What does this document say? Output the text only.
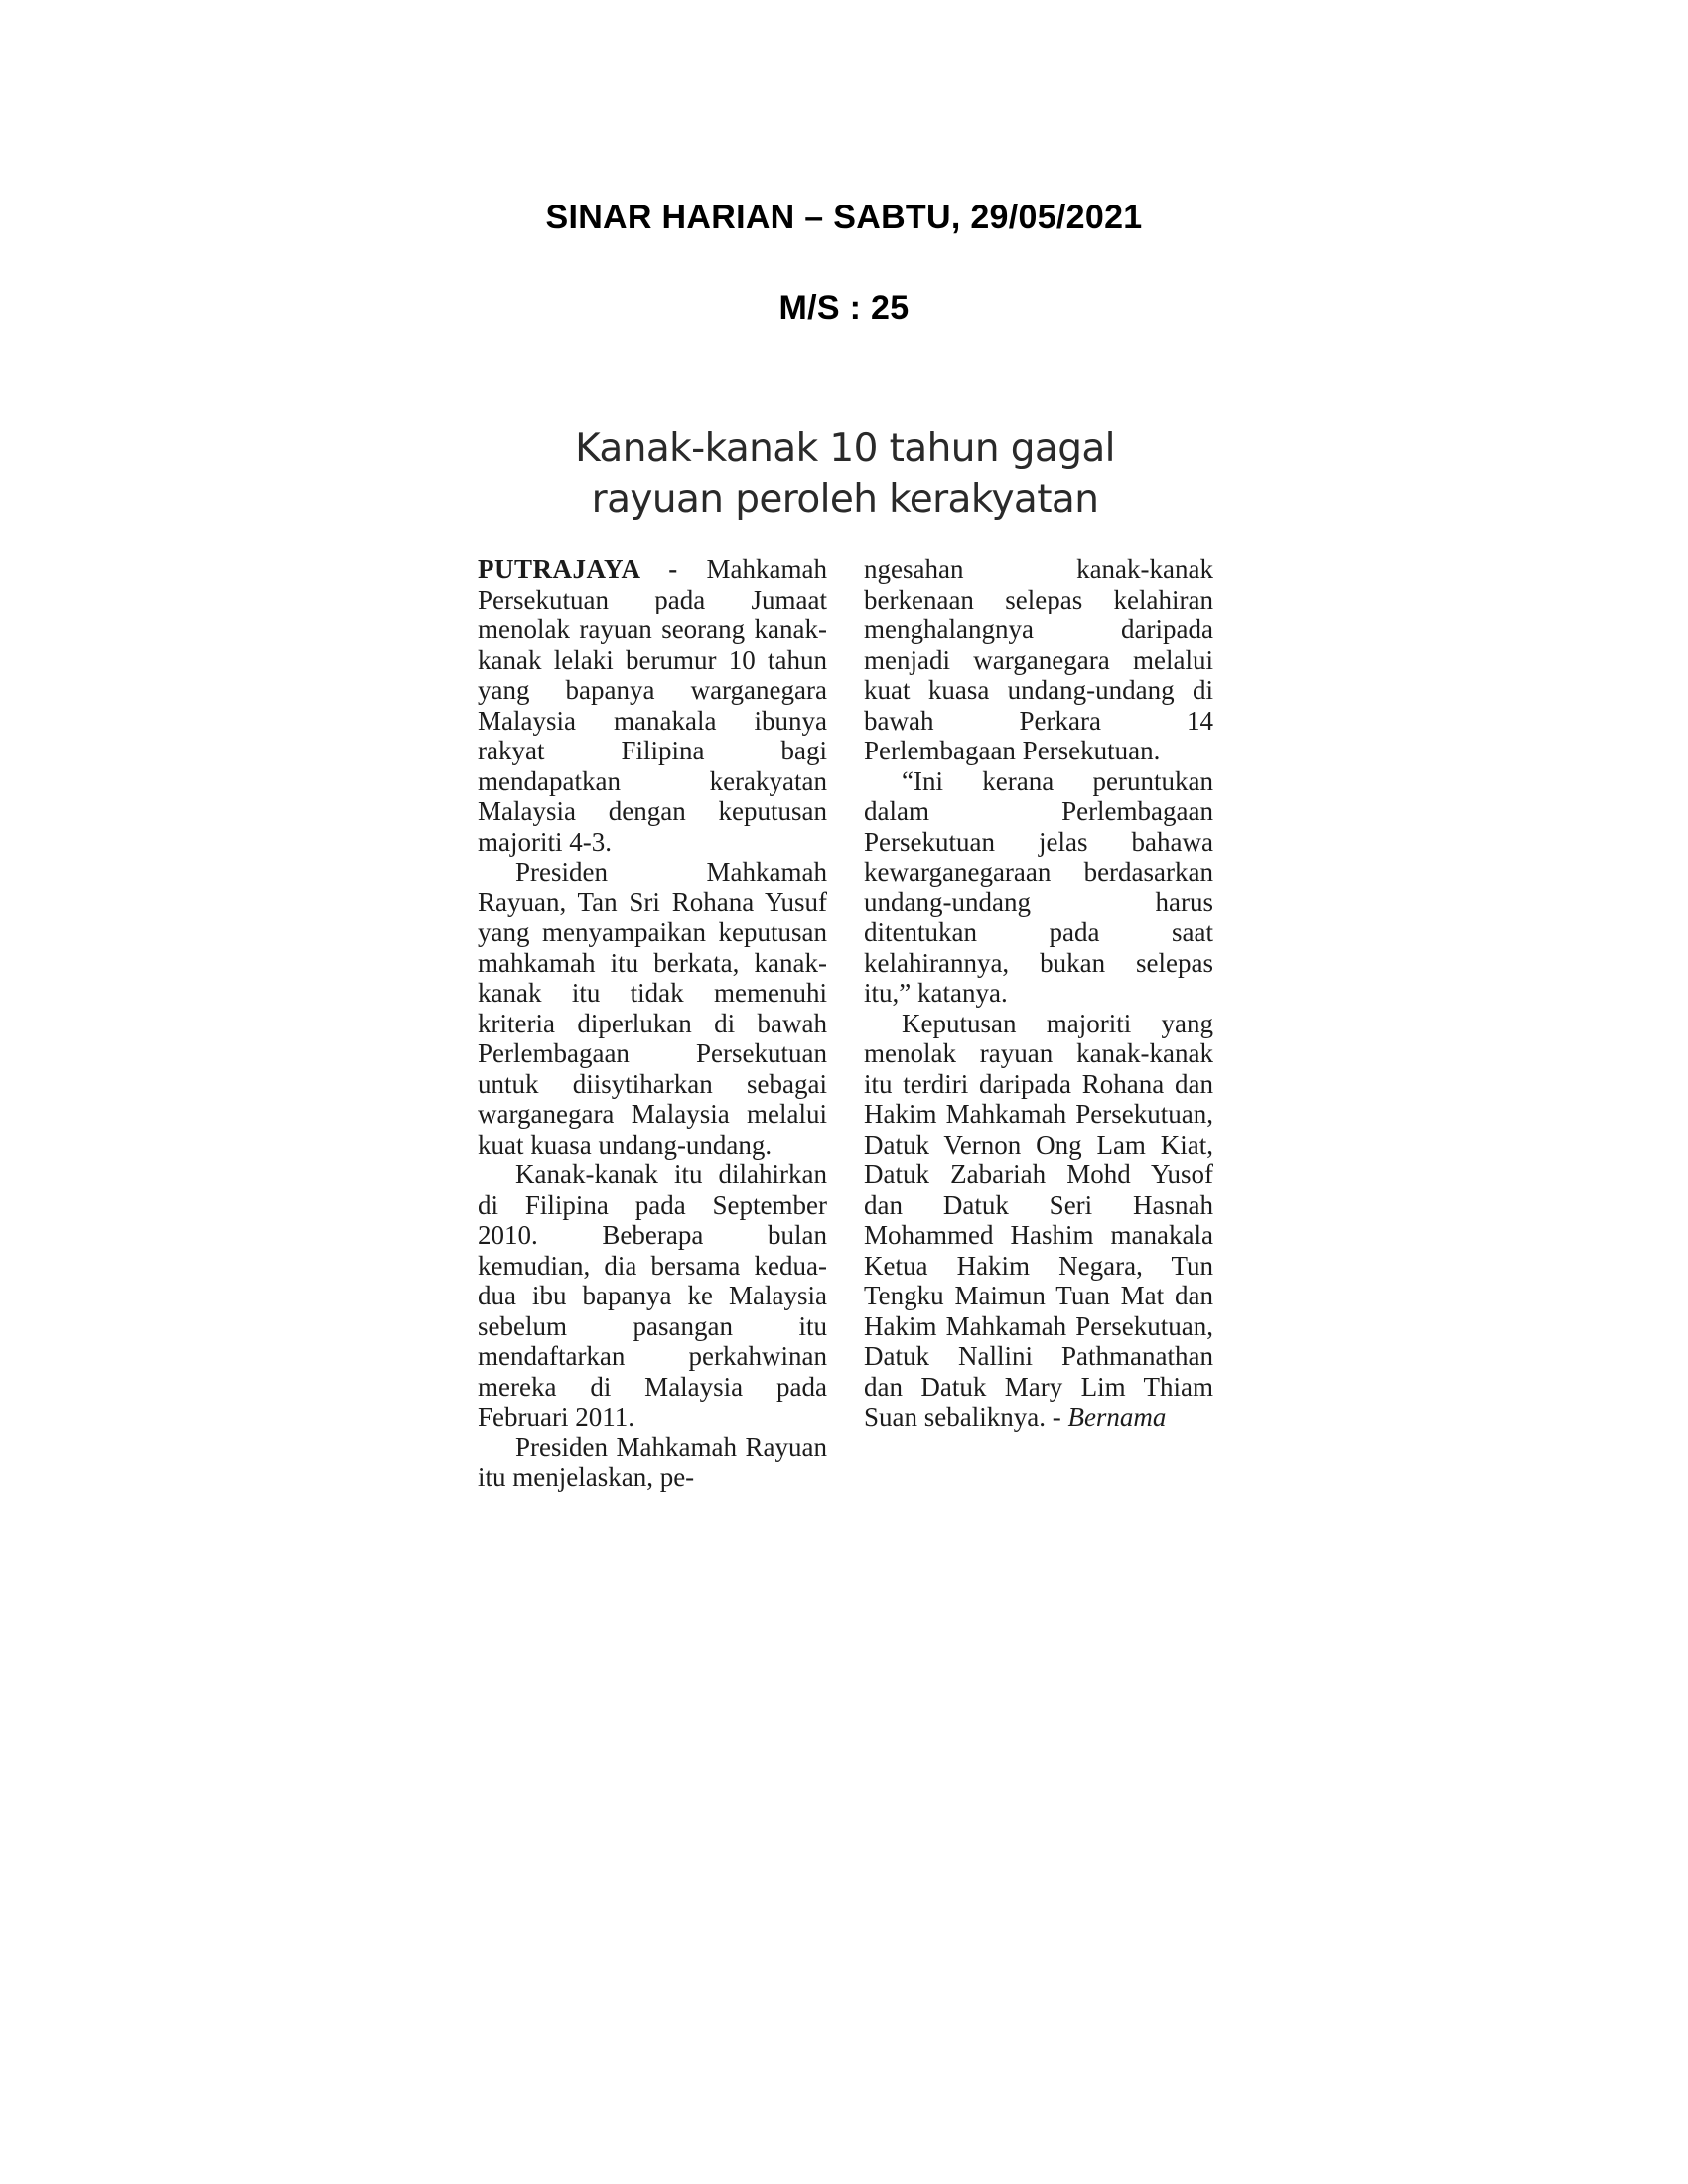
SINAR HARIAN – SABTU, 29/05/2021
M/S : 25
Kanak-kanak 10 tahun gagal
rayuan peroleh kerakyatan

PUTRAJAYA - Mahkamah Persekutuan pada Jumaat menolak rayuan seorang kanak-kanak lelaki berumur 10 tahun yang bapanya warganegara Malaysia manakala ibunya rakyat Filipina bagi mendapatkan kerakyatan Malaysia dengan keputusan majoriti 4-3.

Presiden Mahkamah Rayuan, Tan Sri Rohana Yusuf yang menyampaikan keputusan mahkamah itu berkata, kanak-kanak itu tidak memenuhi kriteria diperlukan di bawah Perlembagaan Persekutuan untuk diisytiharkan sebagai warganegara Malaysia melalui kuat kuasa undang-undang.

Kanak-kanak itu dilahirkan di Filipina pada September 2010. Beberapa bulan kemudian, dia bersama kedua-dua ibu bapanya ke Malaysia sebelum pasangan itu mendaftarkan perkahwinan mereka di Malaysia pada Februari 2011.

Presiden Mahkamah Rayuan itu menjelaskan, pe-

ngesahan kanak-kanak berkenaan selepas kelahiran menghalangnya daripada menjadi warganegara melalui kuat kuasa undang-undang di bawah Perkara 14 Perlembagaan Persekutuan.

“Ini kerana peruntukan dalam Perlembagaan Persekutuan jelas bahawa kewarganegaraan berdasarkan undang-undang harus ditentukan pada saat kelahirannya, bukan selepas itu,” katanya.

Keputusan majoriti yang menolak rayuan kanak-kanak itu terdiri daripada Rohana dan Hakim Mahkamah Persekutuan, Datuk Vernon Ong Lam Kiat, Datuk Zabariah Mohd Yusof dan Datuk Seri Hasnah Mohammed Hashim manakala Ketua Hakim Negara, Tun Tengku Maimun Tuan Mat dan Hakim Mahkamah Persekutuan, Datuk Nallini Pathmanathan dan Datuk Mary Lim Thiam Suan sebaliknya. - Bernama
